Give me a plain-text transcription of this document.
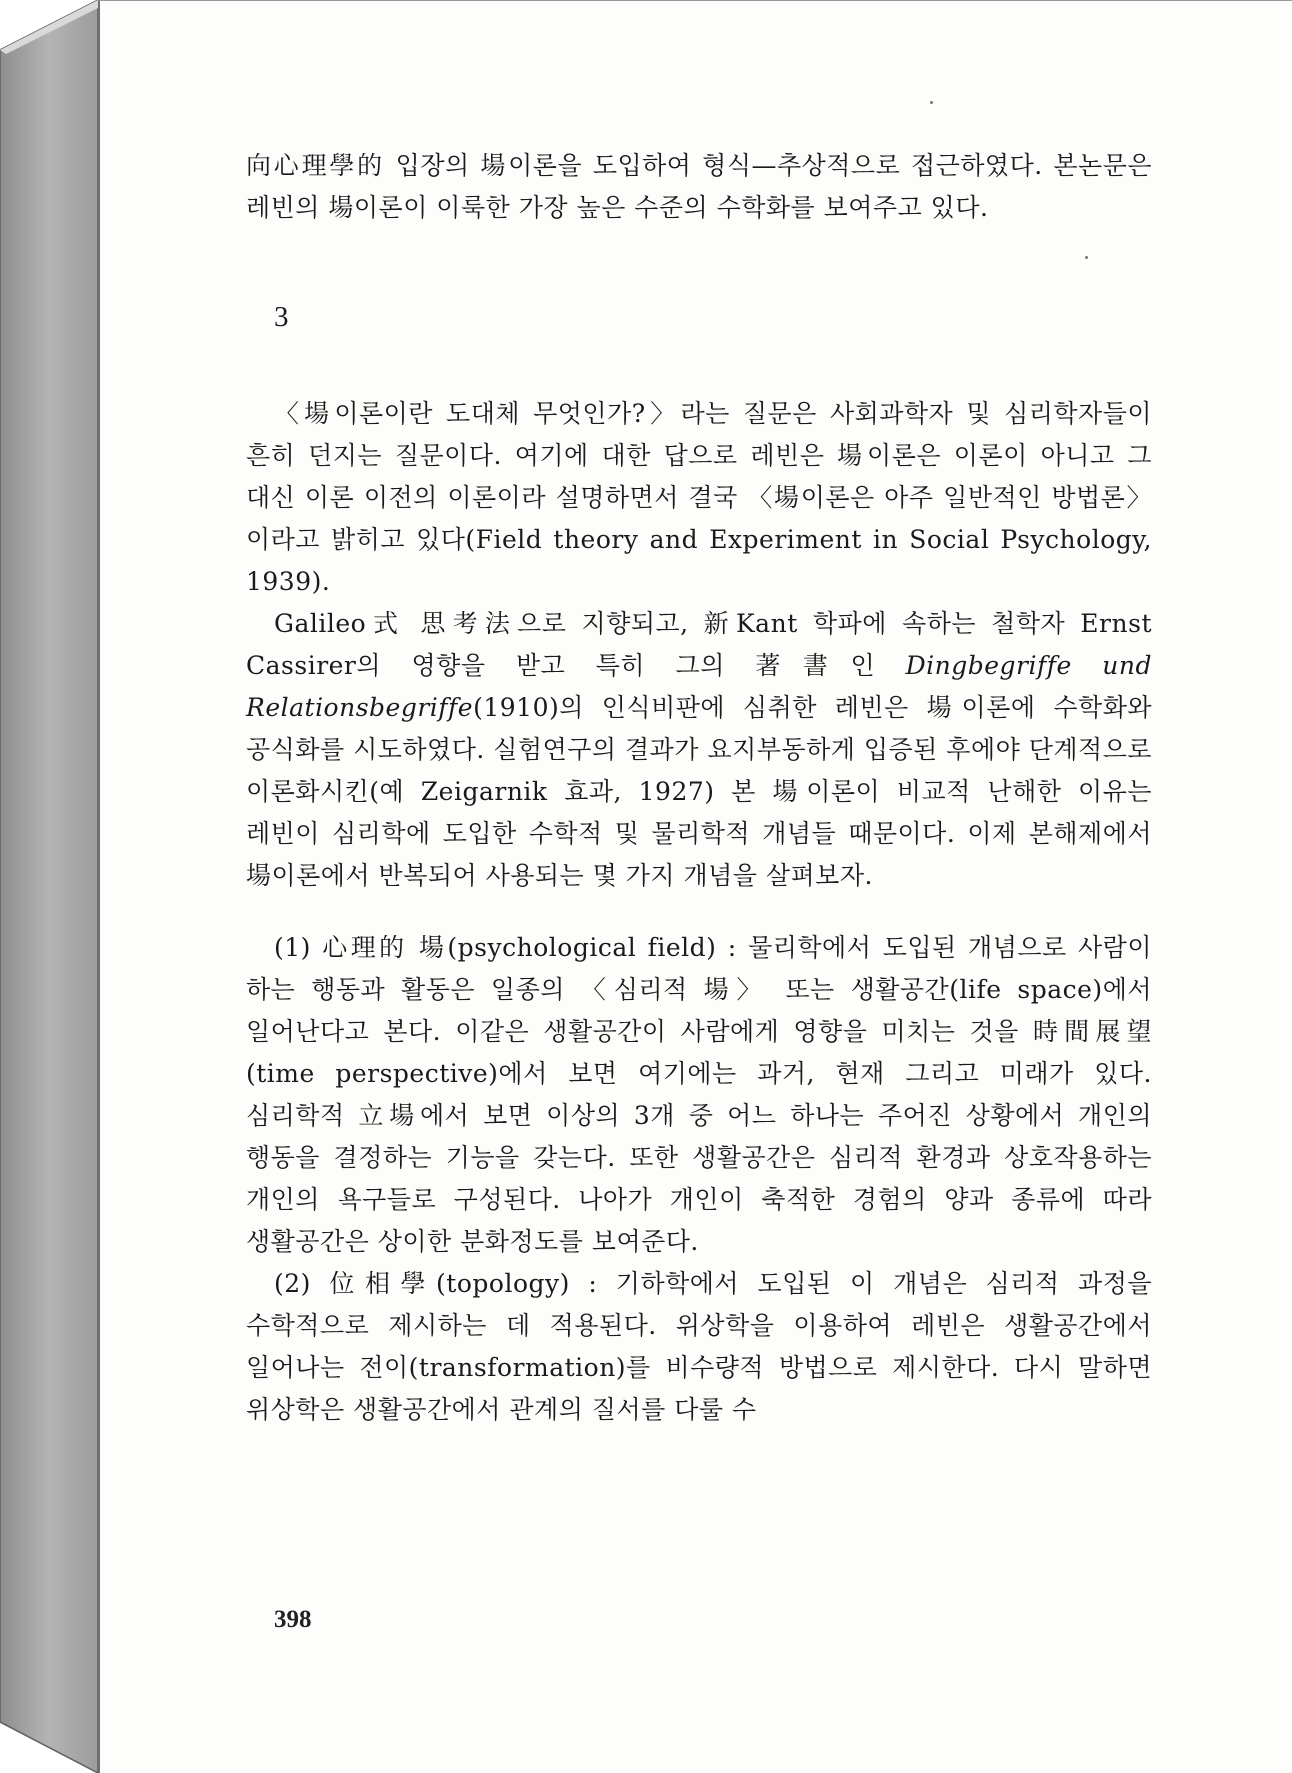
向心理學的 입장의 場이론을 도입하여 형식—추상적으로 접근하였다. 본논문은 레빈의 場이론이 이룩한 가장 높은 수준의 수학화를 보여주고 있다.

3

〈場이론이란 도대체 무엇인가?〉라는 질문은 사회과학자 및 심리학자들이 흔히 던지는 질문이다. 여기에 대한 답으로 레빈은 場이론은 이론이 아니고 그 대신 이론 이전의 이론이라 설명하면서 결국 〈場이론은 아주 일반적인 방법론〉이라고 밝히고 있다(Field theory and Experiment in Social Psychology, 1939).

Galileo式 思考法으로 지향되고, 新Kant 학파에 속하는 철학자 Ernst Cassirer의 영향을 받고 특히 그의 著書인 Dingbegriffe und Relationsbegriffe(1910)의 인식비판에 심취한 레빈은 場이론에 수학화와 공식화를 시도하였다. 실험연구의 결과가 요지부동하게 입증된 후에야 단계적으로 이론화시킨(예 Zeigarnik 효과, 1927) 본 場이론이 비교적 난해한 이유는 레빈이 심리학에 도입한 수학적 및 물리학적 개념들 때문이다. 이제 본해제에서 場이론에서 반복되어 사용되는 몇 가지 개념을 살펴보자.

(1) 心理的 場(psychological field) : 물리학에서 도입된 개념으로 사람이 하는 행동과 활동은 일종의 〈심리적 場〉 또는 생활공간(life space)에서 일어난다고 본다. 이같은 생활공간이 사람에게 영향을 미치는 것을 時間展望(time perspective)에서 보면 여기에는 과거, 현재 그리고 미래가 있다. 심리학적 立場에서 보면 이상의 3개 중 어느 하나는 주어진 상황에서 개인의 행동을 결정하는 기능을 갖는다. 또한 생활공간은 심리적 환경과 상호작용하는 개인의 욕구들로 구성된다. 나아가 개인이 축적한 경험의 양과 종류에 따라 생활공간은 상이한 분화정도를 보여준다.

(2) 位相學(topology) : 기하학에서 도입된 이 개념은 심리적 과정을 수학적으로 제시하는 데 적용된다. 위상학을 이용하여 레빈은 생활공간에서 일어나는 전이(transformation)를 비수량적 방법으로 제시한다. 다시 말하면 위상학은 생활공간에서 관계의 질서를 다룰 수

398
